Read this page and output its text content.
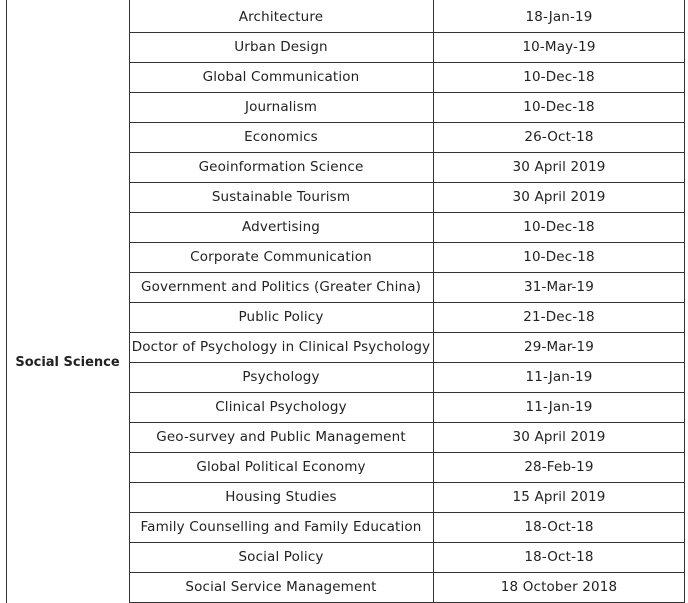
Social Science
Architecture	18-Jan-19
Urban Design	10-May-19
Global Communication	10-Dec-18
Journalism	10-Dec-18
Economics	26-Oct-18
Geoinformation Science	30 April 2019
Sustainable Tourism	30 April 2019
Advertising	10-Dec-18
Corporate Communication	10-Dec-18
Government and Politics (Greater China)	31-Mar-19
Public Policy	21-Dec-18
Doctor of Psychology in Clinical Psychology	29-Mar-19
Psychology	11-Jan-19
Clinical Psychology	11-Jan-19
Geo-survey and Public Management	30 April 2019
Global Political Economy	28-Feb-19
Housing Studies	15 April 2019
Family Counselling and Family Education	18-Oct-18
Social Policy	18-Oct-18
Social Service Management	18 October 2018
